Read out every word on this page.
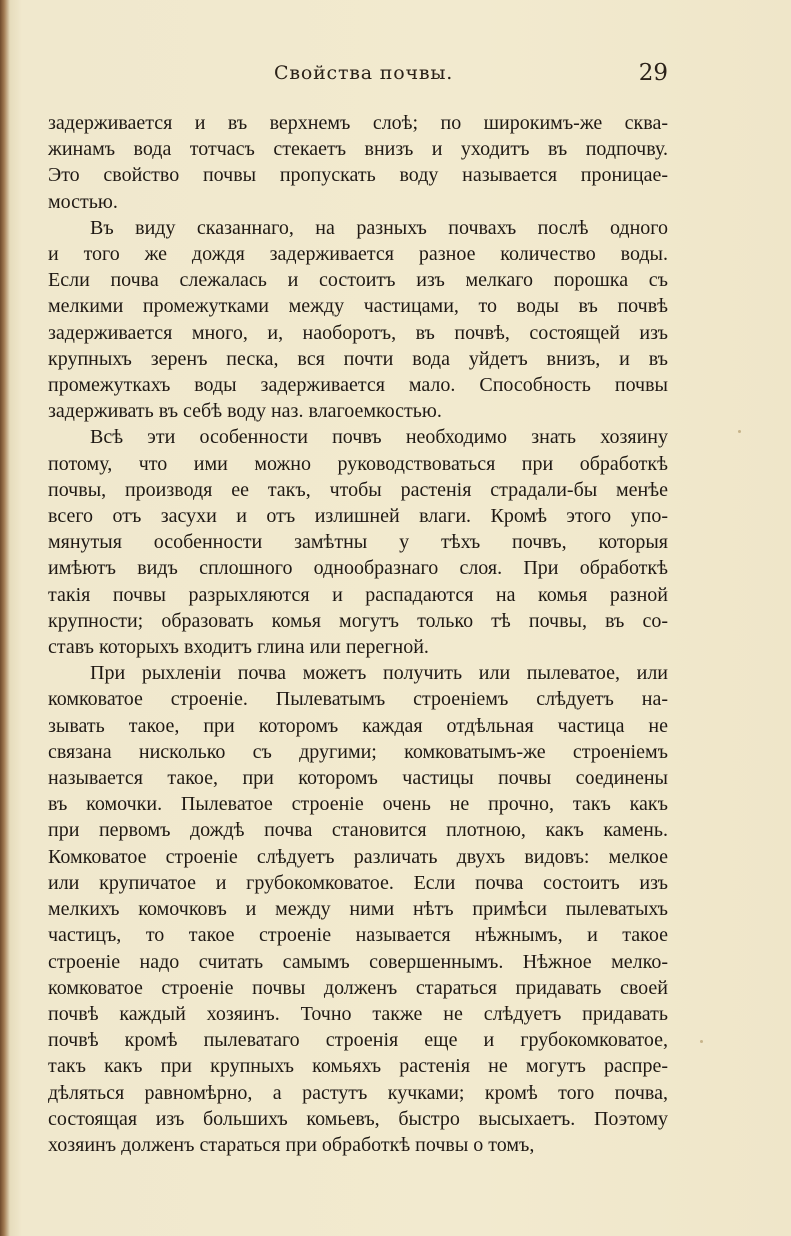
Свойства почвы.	29

задерживается и въ верхнемъ слоѣ; по широкимъ-же сква-

жинамъ вода тотчасъ стекаетъ внизъ и уходитъ въ подпочву.

Это свойство почвы пропускать воду называется проницае-

мостью.

Въ виду сказаннаго, на разныхъ почвахъ послѣ одного

и того же дождя задерживается разное количество воды.

Если почва слежалась и состоитъ изъ мелкаго порошка съ

мелкими промежутками между частицами, то воды въ почвѣ

задерживается много, и, наоборотъ, въ почвѣ, состоящей изъ

крупныхъ зеренъ песка, вся почти вода уйдетъ внизъ, и въ

промежуткахъ воды задерживается мало. Способность почвы

задерживать въ себѣ воду наз. влагоемкостью.

Всѣ эти особенности почвъ необходимо знать хозяину

потому, что ими можно руководствоваться при обработкѣ

почвы, производя ее такъ, чтобы растенія страдали-бы менѣе

всего отъ засухи и отъ излишней влаги. Кромѣ этого упо-

мянутыя особенности замѣтны у тѣхъ почвъ, которыя

имѣютъ видъ сплошного однообразнаго слоя. При обработкѣ

такія почвы разрыхляются и распадаются на комья разной

крупности; образовать комья могутъ только тѣ почвы, въ со-

ставъ которыхъ входитъ глина или перегной.

При рыхленіи почва можетъ получить или пылеватое, или

комковатое строеніе. Пылеватымъ строеніемъ слѣдуетъ на-

зывать такое, при которомъ каждая отдѣльная частица не

связана нисколько съ другими; комковатымъ-же строеніемъ

называется такое, при которомъ частицы почвы соединены

въ комочки. Пылеватое строеніе очень не прочно, такъ какъ

при первомъ дождѣ почва становится плотною, какъ камень.

Комковатое строеніе слѣдуетъ различать двухъ видовъ: мелкое

или крупичатое и грубокомковатое. Если почва состоитъ изъ

мелкихъ комочковъ и между ними нѣтъ примѣси пылеватыхъ

частицъ, то такое строеніе называется нѣжнымъ, и такое

строеніе надо считать самымъ совершеннымъ. Нѣжное мелко-

комковатое строеніе почвы долженъ стараться придавать своей

почвѣ каждый хозяинъ. Точно также не слѣдуетъ придавать

почвѣ кромѣ пылеватаго строенія еще и грубокомковатое,

такъ какъ при крупныхъ комьяхъ растенія не могутъ распре-

дѣляться равномѣрно, а растутъ кучками; кромѣ того почва,

состоящая изъ большихъ комьевъ, быстро высыхаетъ. Поэтому

хозяинъ долженъ стараться при обработкѣ почвы о томъ,
